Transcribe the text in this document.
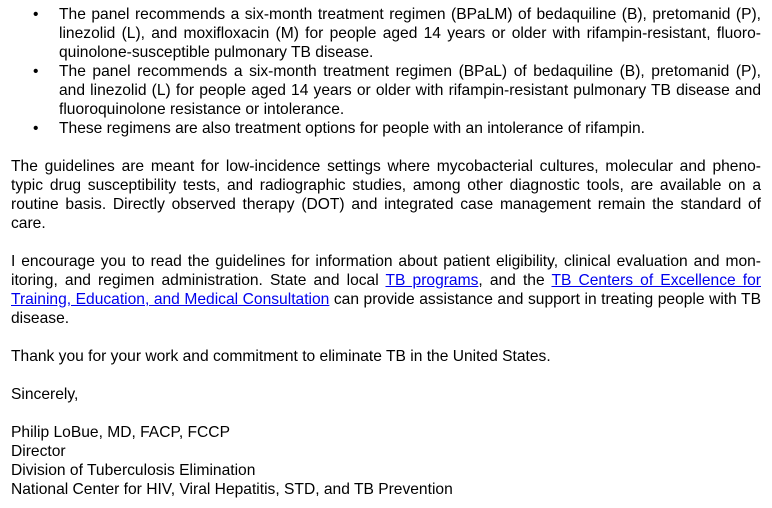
• The panel recommends a six-month treatment regimen (BPaLM) of bedaquiline (B), pretomanid (P), linezolid (L), and moxifloxacin (M) for people aged 14 years or older with rifampin-resistant, fluoro-quinolone-susceptible pulmonary TB disease.
• The panel recommends a six-month treatment regimen (BPaL) of bedaquiline (B), pretomanid (P), and linezolid (L) for people aged 14 years or older with rifampin-resistant pulmonary TB disease and fluoroquinolone resistance or intolerance.
• These regimens are also treatment options for people with an intolerance of rifampin.

The guidelines are meant for low-incidence settings where mycobacterial cultures, molecular and pheno-typic drug susceptibility tests, and radiographic studies, among other diagnostic tools, are available on a routine basis. Directly observed therapy (DOT) and integrated case management remain the standard of care.

I encourage you to read the guidelines for information about patient eligibility, clinical evaluation and mon-itoring, and regimen administration. State and local TB programs, and the TB Centers of Excellence for Training, Education, and Medical Consultation can provide assistance and support in treating people with TB disease.

Thank you for your work and commitment to eliminate TB in the United States.

Sincerely,

Philip LoBue, MD, FACP, FCCP
Director
Division of Tuberculosis Elimination
National Center for HIV, Viral Hepatitis, STD, and TB Prevention
